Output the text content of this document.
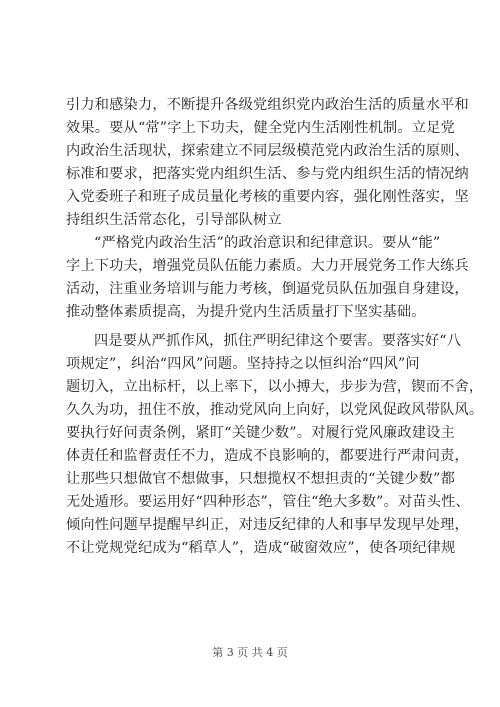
引力和感染力，不断提升各级党组织党内政治生活的质量水平和
效果。要从“常”字上下功夫，健全党内生活刚性机制。立足党
内政治生活现状，探索建立不同层级模范党内政治生活的原则、
标准和要求，把落实党内组织生活、参与党内组织生活的情况纳
入党委班子和班子成员量化考核的重要内容，强化刚性落实，坚
持组织生活常态化，引导部队树立
“严格党内政治生活”的政治意识和纪律意识。要从“能”
字上下功夫，增强党员队伍能力素质。大力开展党务工作大练兵
活动，注重业务培训与能力考核，倒逼党员队伍加强自身建设，
推动整体素质提高，为提升党内生活质量打下坚实基础。
四是要从严抓作风，抓住严明纪律这个要害。要落实好“八
项规定”，纠治“四风”问题。坚持持之以恒纠治“四风”问
题切入，立出标杆，以上率下，以小搏大，步步为营，锲而不舍，
久久为功，扭住不放，推动党风向上向好，以党风促政风带队风。
要执行好问责条例，紧盯“关键少数”。对履行党风廉政建设主
体责任和监督责任不力，造成不良影响的，都要进行严肃问责，
让那些只想做官不想做事，只想揽权不想担责的“关键少数”都
无处遁形。要运用好“四种形态”，管住“绝大多数”。对苗头性、
倾向性问题早提醒早纠正，对违反纪律的人和事早发现早处理，
不让党规党纪成为“稻草人”，造成“破窗效应”，使各项纪律规
第 3 页 共 4 页
